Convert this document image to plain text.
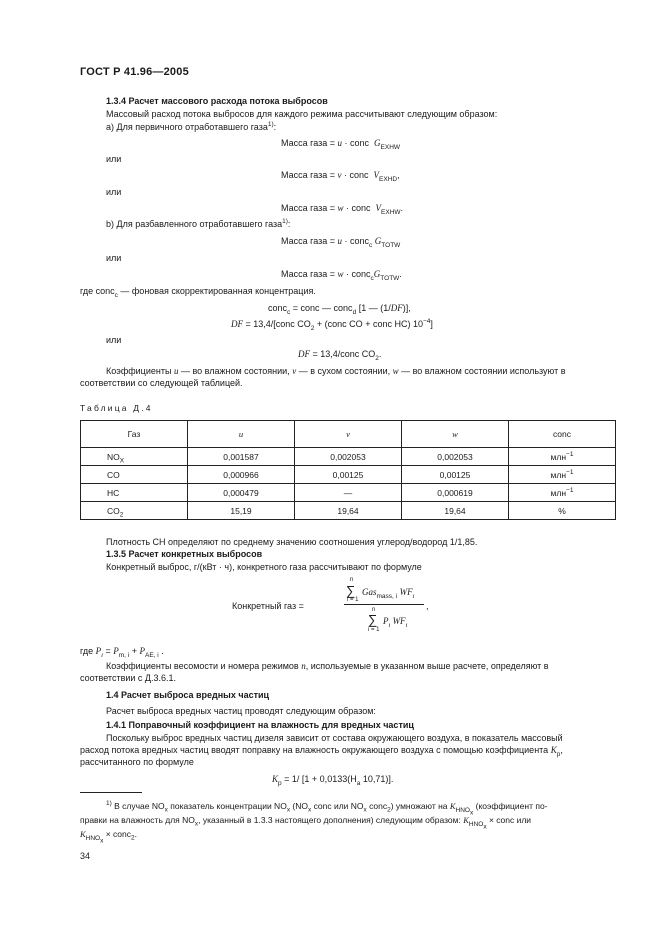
ГОСТ Р 41.96—2005
1.3.4 Расчет массового расхода потока выбросов
Массовый расход потока выбросов для каждого режима рассчитывают следующим образом:
а) Для первичного отработавшего газа$^{1)}$:
Масса газа = u · conc $G_{EXHW}$
или
Масса газа = v · conc $V_{EXHD}$,
или
Масса газа = w · conc $V_{EXHW}$.
b) Для разбавленного отработавшего газа$^{1)}$:
Масса газа = u · conc$_c$ $G_{TOTW}$
или
Масса газа = $w \cdot conc_cG_{TOTW}$.
где conc$_c$ — фоновая скорректированная концентрация.
conc$_c$ = conc — conc$_d$ [1 — (1/DF)],
DF = 13,4/[conc $CO_2$ + (conc CO + conc HC) $10^{-4}$]
или
DF = 13,4/conc $CO_2$.
Коэффициенты u — во влажном состоянии, v — в сухом состоянии, w — во влажном состоянии используют в
соответствии со следующей таблицей.
Таблица Д.4
Газ	u	v	w	conc
$NO_X$	0,001587	0,002053	0,002053	млн$^{-1}$
CO	0,000966	0,00125	0,00125	млн$^{-1}$
HC	0,000479	—	0,000619	млн$^{-1}$
$CO_2$	15,19	19,64	19,64	%
Плотность СН определяют по среднему значению соотношения углерод/водород 1/1,85.
1.3.5 Расчет конкретных выбросов
Конкретный выброс, г/(кВт · ч), конкретного газа рассчитывают по формуле
Конкретный газ =
n
∑
i = 1
Gas$_{mass, i}$ $WF_i$
,
n
∑
i = 1
$P_i$ $WF_i$
где $P_i = P_{m, i} + P_{AE, i}$ .
Коэффициенты весомости и номера режимов n, используемые в указанном выше расчете, определяют в
соответствии с Д.3.6.1.
1.4 Расчет выброса вредных частиц
Расчет выброса вредных частиц проводят следующим образом:
1.4.1 Поправочный коэффициент на влажность для вредных частиц
Поскольку выброс вредных частиц дизеля зависит от состава окружающего воздуха, в показатель массовый
расход потока вредных частиц вводят поправку на влажность окружающего воздуха с помощью коэффициента $K_p$,
рассчитанного по формуле
$K_p = 1/$ [$1 + 0,0133(H_a$ 10,71)].
$^{1)}$ В случае $NO_x$ показатель концентрации $NO_x$ ($NO_x$ conc или $NO_x$ conc$_2$) умножают на $K_{HNO_x}$ (коэффициент по-
правки на влажность для $NO_x$, указанный в 1.3.3 настоящего дополнения) следующим образом: $K_{HNO_x}$ × conc или
$K_{HNO_x}$ × conc$_2$.
34
